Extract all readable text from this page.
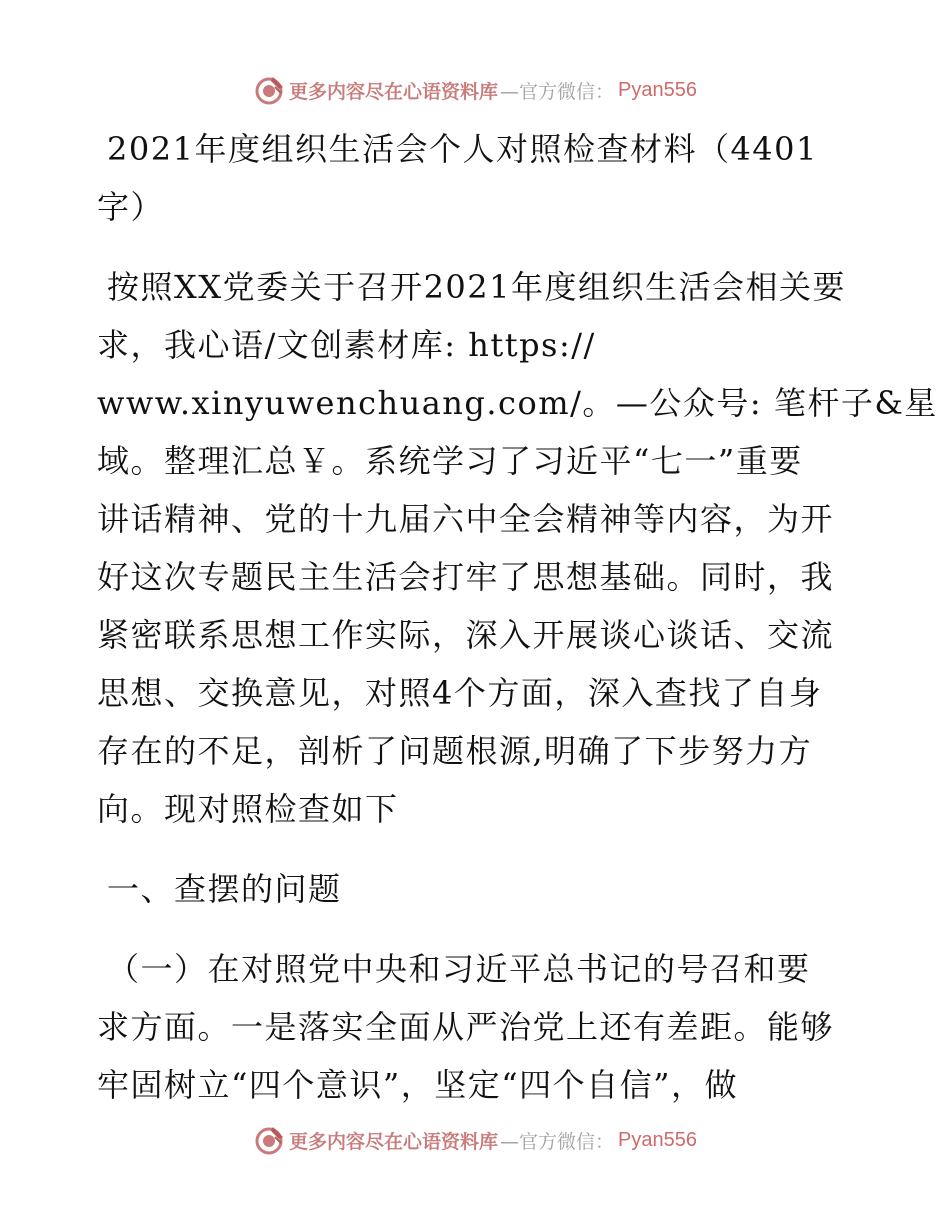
更多内容尽在心语资料库 —官方微信： Pyan556
2021年度组织生活会个人对照检查材料（4401
字）
按照XX党委关于召开2021年度组织生活会相关要
求，我心语/文创素材库: https://
www.xinyuwenchuang.com/。—公众号: 笔杆子&星
域。整理汇总￥。系统学习了习近平“七一”重要
讲话精神、党的十九届六中全会精神等内容，为开
好这次专题民主生活会打牢了思想基础。同时，我
紧密联系思想工作实际，深入开展谈心谈话、交流
思想、交换意见，对照4个方面，深入查找了自身
存在的不足，剖析了问题根源,明确了下步努力方
向。现对照检查如下
一、查摆的问题
（一）在对照党中央和习近平总书记的号召和要
求方面。一是落实全面从严治党上还有差距。能够
牢固树立“四个意识”，坚定“四个自信”，做
更多内容尽在心语资料库 —官方微信： Pyan556
